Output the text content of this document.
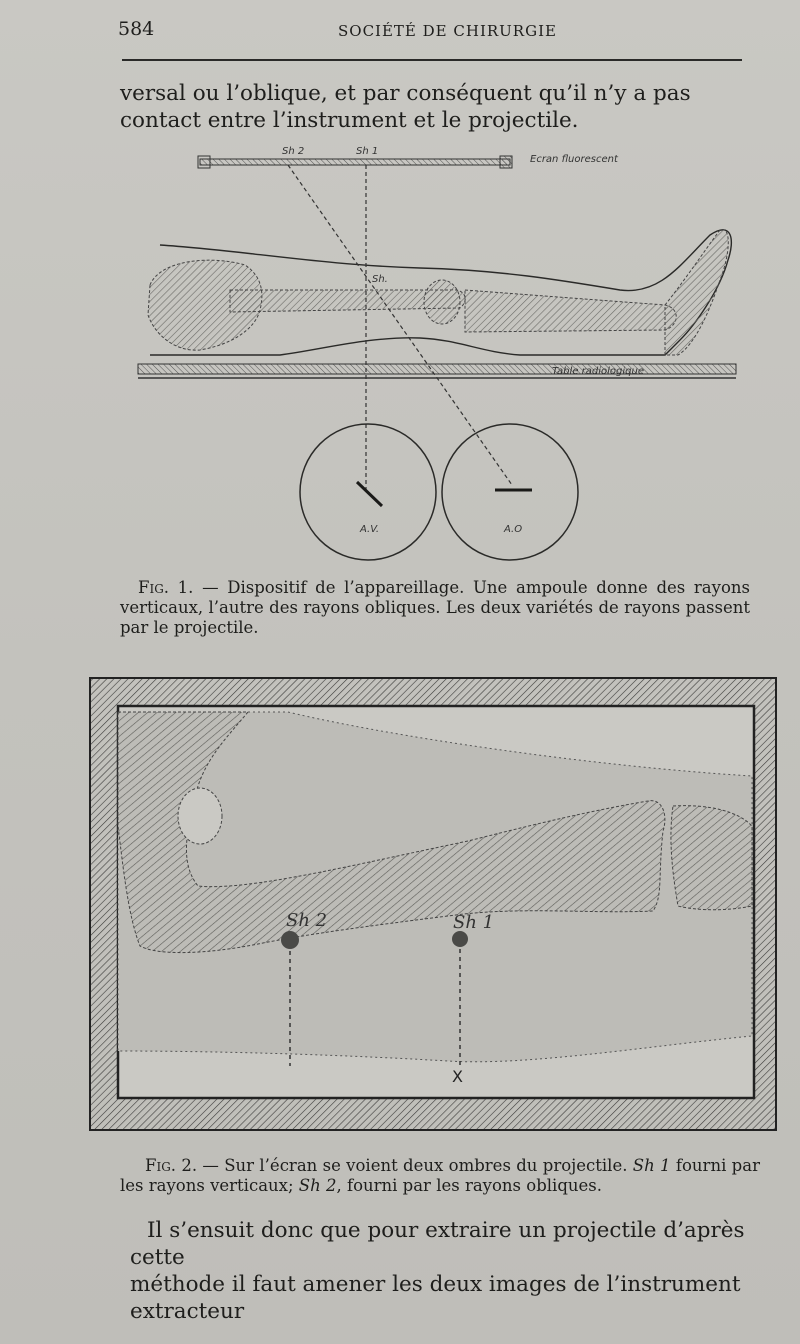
584	SOCIÉTÉ DE CHIRURGIE
versal ou l’oblique, et par conséquent qu’il n’y a pas contact entre l’instrument et le projectile.
Sh 2	Sh 1
Ecran fluorescent
Sh.
Table radiologique
A.V.	A.O
Fig. 1. — Dispositif de l’appareillage. Une ampoule donne des rayons verticaux, l’autre des rayons obliques. Les deux variétés de rayons passent par le projectile.
Sh 2	Sh 1
X
Fig. 2. — Sur l’écran se voient deux ombres du projectile. Sh 1 fourni par les rayons verticaux; Sh 2, fourni par les rayons obliques.
Il s’ensuit donc que pour extraire un projectile d’après cette
méthode il faut amener les deux images de l’instrument extracteur
